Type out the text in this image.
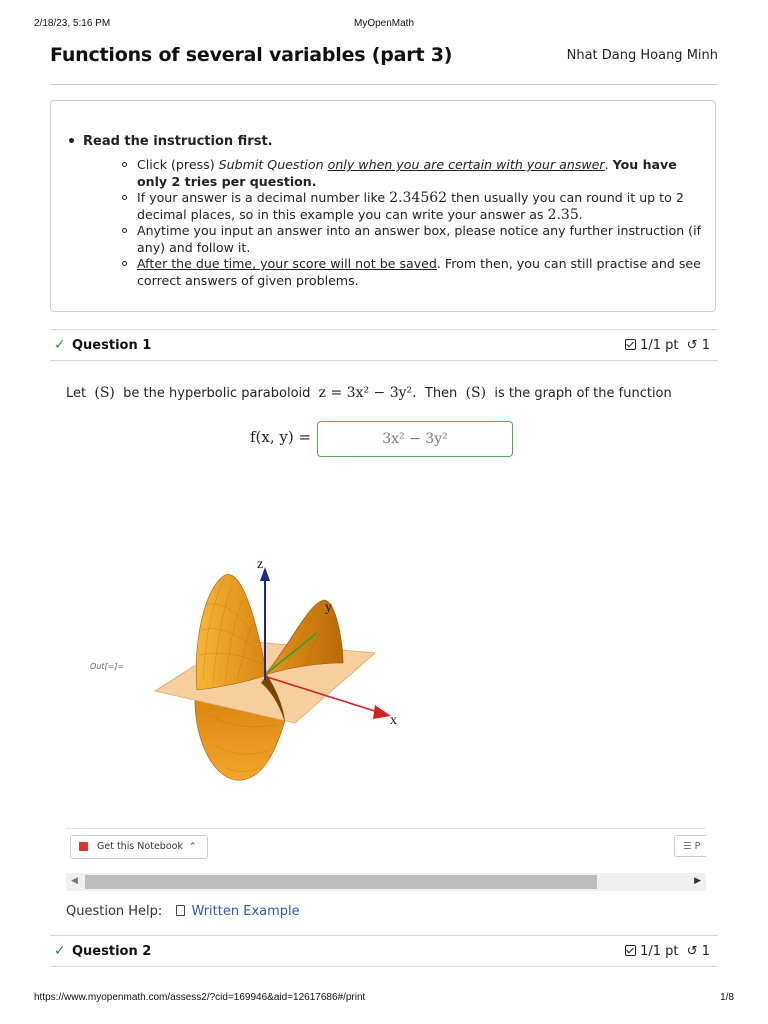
2/18/23, 5:16 PM	MyOpenMath
Functions of several variables (part 3)	Nhat Dang Hoang Minh
Read the instruction first.
Click (press) Submit Question only when you are certain with your answer. You have only 2 tries per question.
If your answer is a decimal number like 2.34562 then usually you can round it up to 2 decimal places, so in this example you can write your answer as 2.35.
Anytime you input an answer into an answer box, please notice any further instruction (if any) and follow it.
After the due time, your score will not be saved. From then, you can still practise and see correct answers of given problems.
✓ Question 1	1/1 pt ↺ 1
Let (S) be the hyperbolic paraboloid z = 3x² − 3y². Then (S) is the graph of the function
f(x, y) =	3x² − 3y²
Out[=]=
z
y
x
Get this Notebook ⌃	☰ P
◀	▶
Question Help: Written Example
✓ Question 2	1/1 pt ↺ 1
https://www.myopenmath.com/assess2/?cid=169946&aid=12617686#/print	1/8
